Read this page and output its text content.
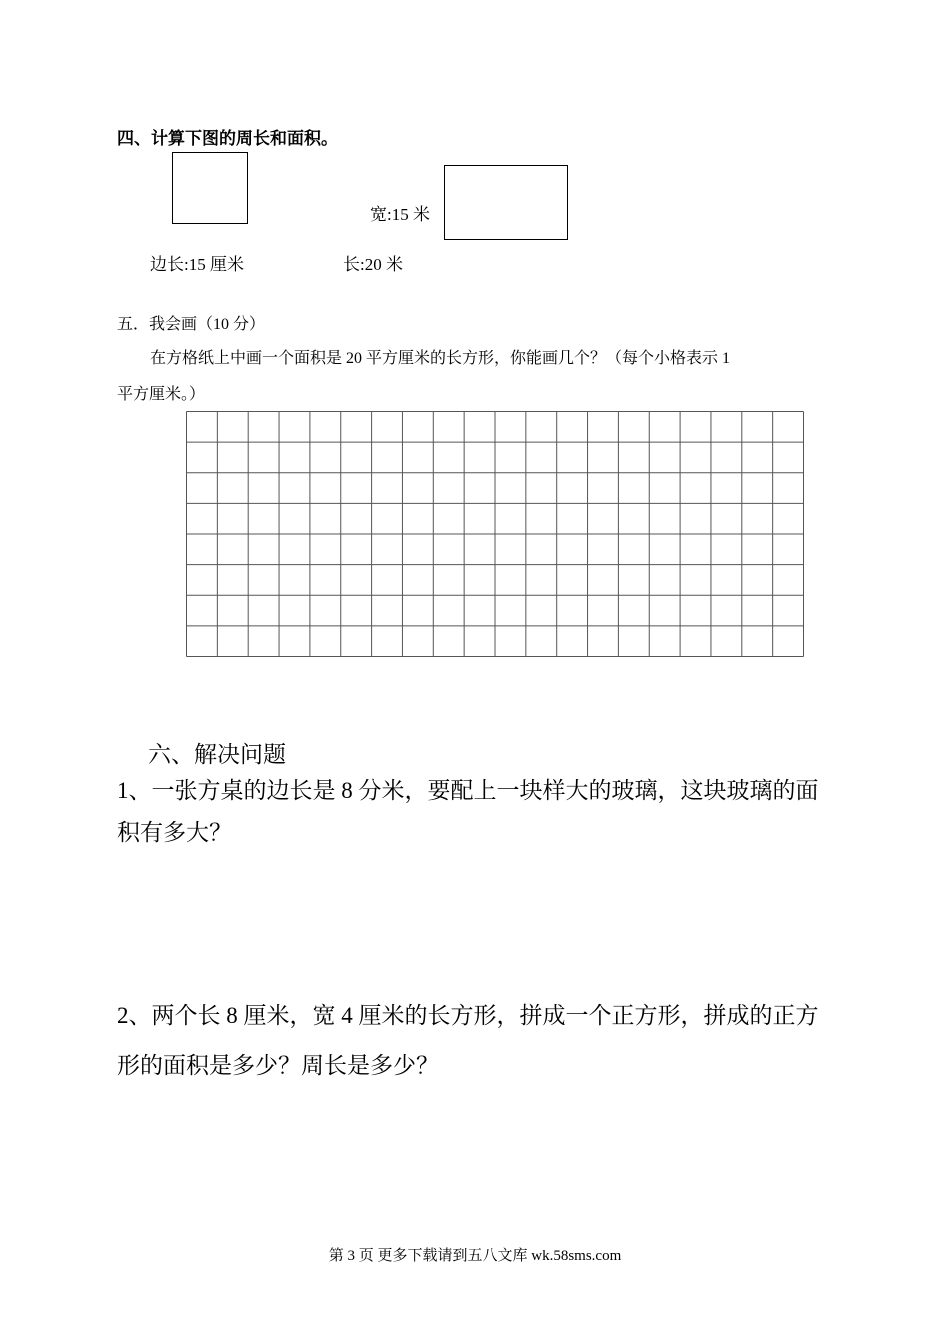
四、计算下图的周长和面积。
宽:15 米
边长:15 厘米	长:20 米
五．我会画（10 分）
在方格纸上中画一个面积是 20 平方厘米的长方形，你能画几个？（每个小格表示 1
平方厘米。）
六、解决问题
1、一张方桌的边长是 8 分米，要配上一块样大的玻璃，这块玻璃的面
积有多大？
2、两个长 8 厘米，宽 4 厘米的长方形，拼成一个正方形，拼成的正方
形的面积是多少？周长是多少？
第 3 页 更多下载请到五八文库 wk.58sms.com
